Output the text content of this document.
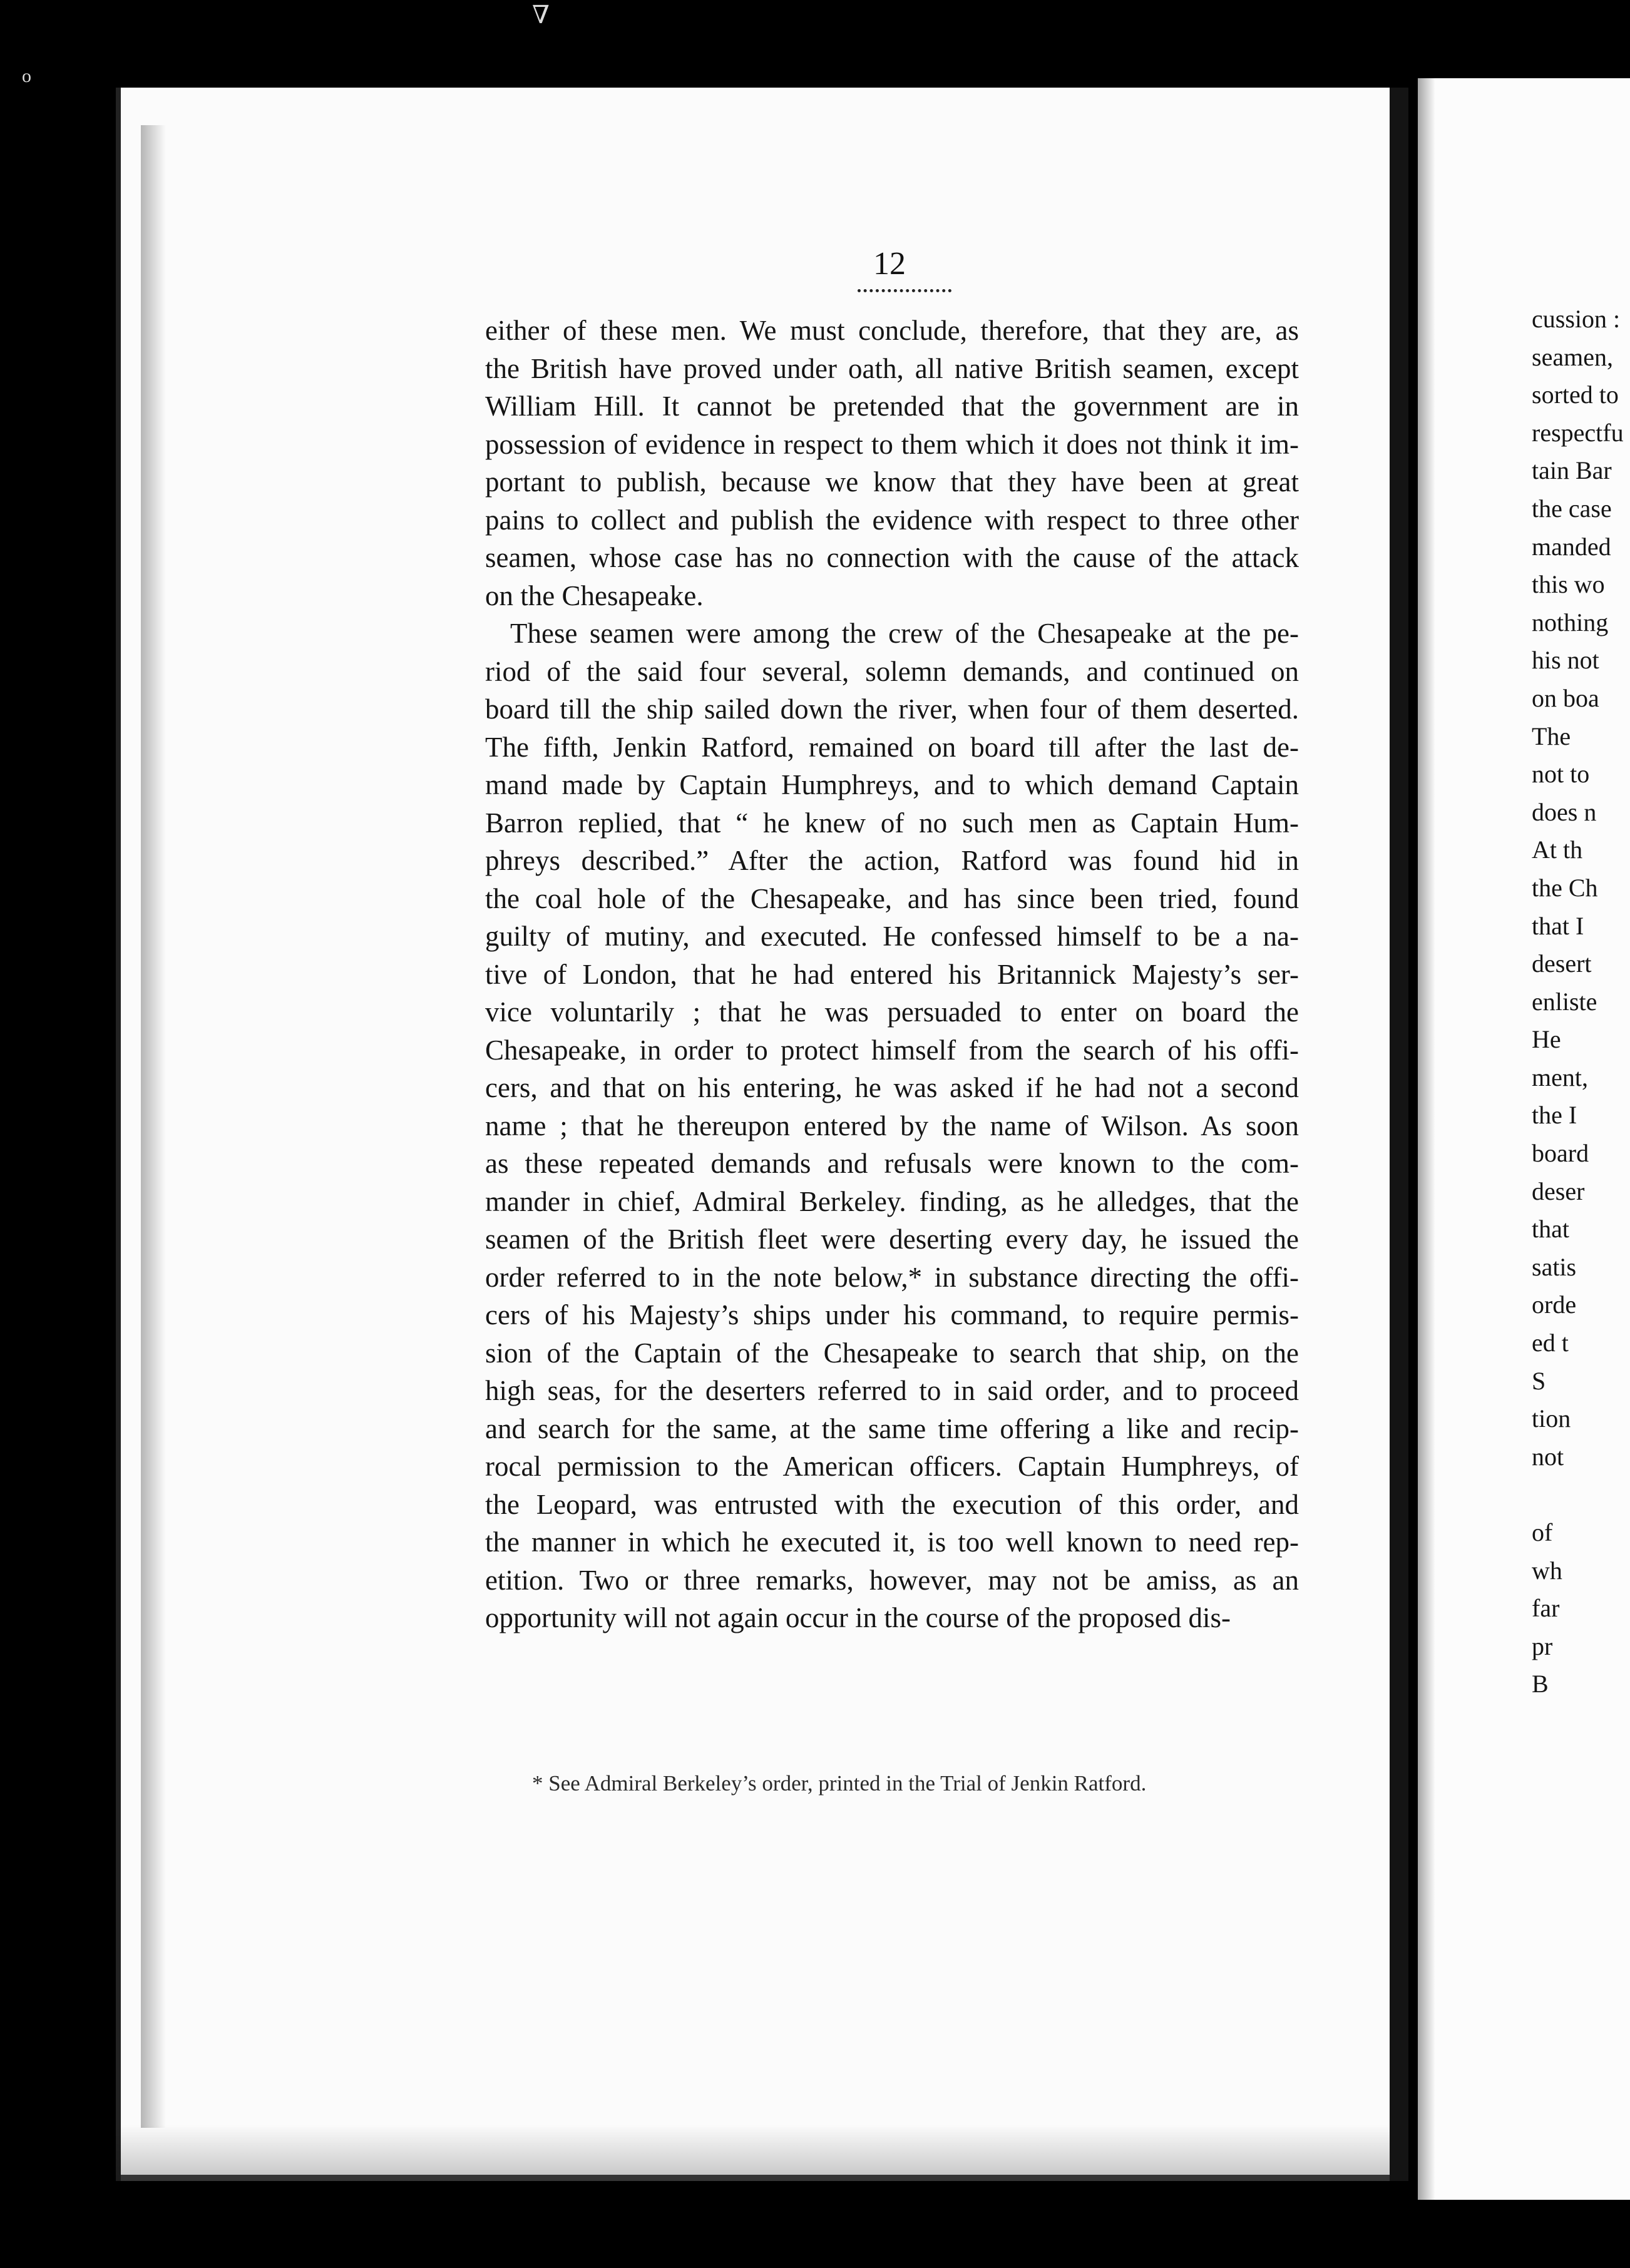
∇
o
12
either of these men. We must conclude, therefore, that they are, as
the British have proved under oath, all native British seamen, except
William Hill. It cannot be pretended that the government are in
possession of evidence in respect to them which it does not think it im-
portant to publish, because we know that they have been at great
pains to collect and publish the evidence with respect to three other
seamen, whose case has no connection with the cause of the attack
on the Chesapeake.
These seamen were among the crew of the Chesapeake at the pe-
riod of the said four several, solemn demands, and continued on
board till the ship sailed down the river, when four of them deserted.
The fifth, Jenkin Ratford, remained on board till after the last de-
mand made by Captain Humphreys, and to which demand Captain
Barron replied, that “ he knew of no such men as Captain Hum-
phreys described.” After the action, Ratford was found hid in
the coal hole of the Chesapeake, and has since been tried, found
guilty of mutiny, and executed. He confessed himself to be a na-
tive of London, that he had entered his Britannick Majesty’s ser-
vice voluntarily ; that he was persuaded to enter on board the
Chesapeake, in order to protect himself from the search of his offi-
cers, and that on his entering, he was asked if he had not a second
name ; that he thereupon entered by the name of Wilson. As soon
as these repeated demands and refusals were known to the com-
mander in chief, Admiral Berkeley. finding, as he alledges, that the
seamen of the British fleet were deserting every day, he issued the
order referred to in the note below,* in substance directing the offi-
cers of his Majesty’s ships under his command, to require permis-
sion of the Captain of the Chesapeake to search that ship, on the
high seas, for the deserters referred to in said order, and to proceed
and search for the same, at the same time offering a like and recip-
rocal permission to the American officers. Captain Humphreys, of
the Leopard, was entrusted with the execution of this order, and
the manner in which he executed it, is too well known to need rep-
etition. Two or three remarks, however, may not be amiss, as an
opportunity will not again occur in the course of the proposed dis-
* See Admiral Berkeley’s order, printed in the Trial of Jenkin Ratford.
cussion :
seamen,
sorted to
respectfu
tain Bar
the case
manded
this wo
nothing
his not
on boa
The
not to
does n
At th
the Ch
that I
desert
enliste
He
ment,
the I
board
deser
that
satis
orde
ed t
S
tion
not
of
wh
far
pr
B
